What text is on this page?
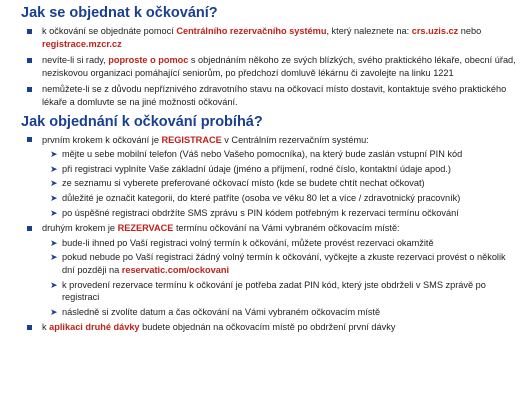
Jak se objednat k očkování?
k očkování se objednáte pomocí Centrálního rezervačního systému, který naleznete na: crs.uzis.cz nebo registrace.mzcr.cz
nevíte-li si rady, poproste o pomoc s objednáním někoho ze svých blízkých, svého praktického lékaře, obecní úřad, neziskovou organizaci pomáhající seniorům, po předchozí domluvě lékárnu či zavolejte na linku 1221
nemůžete-li se z důvodu nepříznivého zdravotního stavu na očkovací místo dostavit, kontaktuje svého praktického lékaře a domluvte se na jiné možnosti očkování.
Jak objednání k očkování probíhá?
prvním krokem k očkování je REGISTRACE v Centrálním rezervačním systému:
➤ mějte u sebe mobilní telefon (Váš nebo Vašeho pomocníka), na který bude zaslán vstupní PIN kód
➤ při registraci vyplníte Vaše základní údaje (jméno a příjmení, rodné číslo, kontaktní údaje apod.)
➤ ze seznamu si vyberete preferované očkovací místo (kde se budete chtít nechat očkovat)
➤ důležité je označit kategorii, do které patříte (osoba ve věku 80 let a více / zdravotnický pracovník)
➤ po úspěšné registraci obdržíte SMS zprávu s PIN kódem potřebným k rezervaci termínu očkování
druhým krokem je REZERVACE termínu očkování na Vámi vybraném očkovacím místě:
➤ bude-li ihned po Vaší registraci volný termín k očkování, můžete provést rezervaci okamžitě
➤ pokud nebude po Vaší registraci žádný volný termín k očkování, vyčkejte a zkuste rezervaci provést o několik dní později na reservatic.com/ockovani
➤ k provedení rezervace termínu k očkování je potřeba zadat PIN kód, který jste obdrželi v SMS zprávě po registraci
➤ následně si zvolíte datum a čas očkování na Vámi vybraném očkovacím místě
k aplikaci druhé dávky budete objednán na očkovacím místě po obdržení první dávky
